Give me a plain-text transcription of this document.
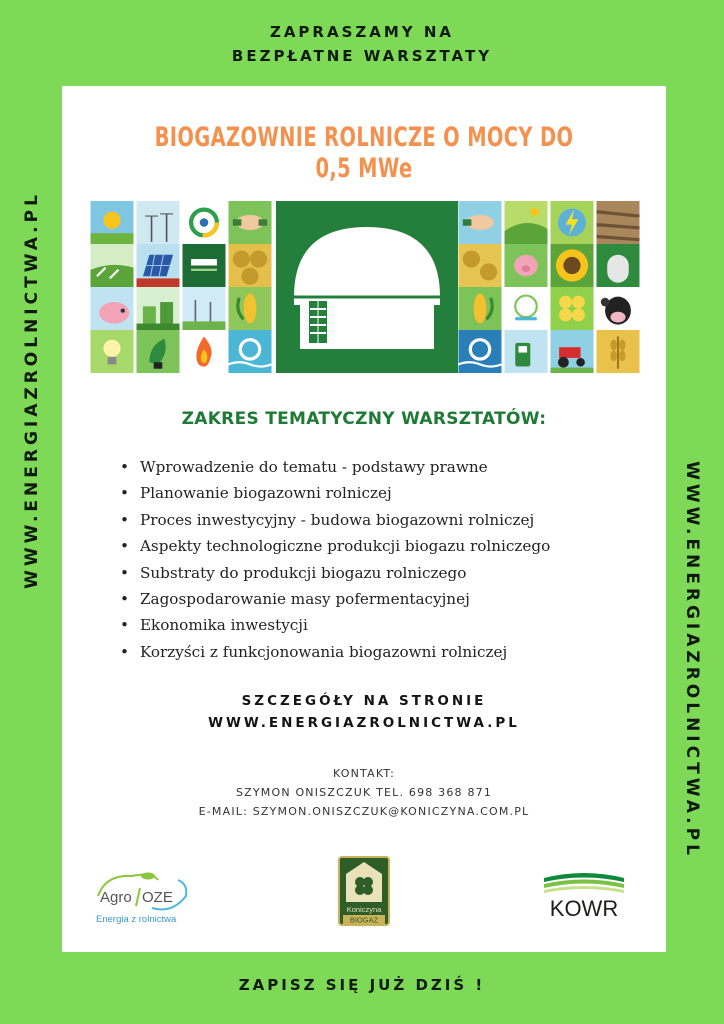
ZAPRASZAMY NA
BEZPŁATNE WARSZTATY
WWW.ENERGIAZROLNICTWA.PL
WWW.ENERGIAZROLNICTWA.PL
BIOGAZOWNIE ROLNICZE O MOCY DO 0,5 MWe
ZAKRES TEMATYCZNY WARSZTATÓW:
• Wprowadzenie do tematu - podstawy prawne
• Planowanie biogazowni rolniczej
• Proces inwestycyjny - budowa biogazowni rolniczej
• Aspekty technologiczne produkcji biogazu rolniczego
• Substraty do produkcji biogazu rolniczego
• Zagospodarowanie masy pofermentacyjnej
• Ekonomika inwestycji
• Korzyści z funkcjonowania biogazowni rolniczej
SZCZEGÓŁY NA STRONIE
WWW.ENERGIAZROLNICTWA.PL
KONTAKT:
SZYMON ONISZCZUK TEL. 698 368 871
E-MAIL: SZYMON.ONISZCZUK@KONICZYNA.COM.PL
Agro OZE
Energia z rolnictwa
Koniczyna
BIOGAZ	KOWR
ZAPISZ SIĘ JUŻ DZIŚ !
